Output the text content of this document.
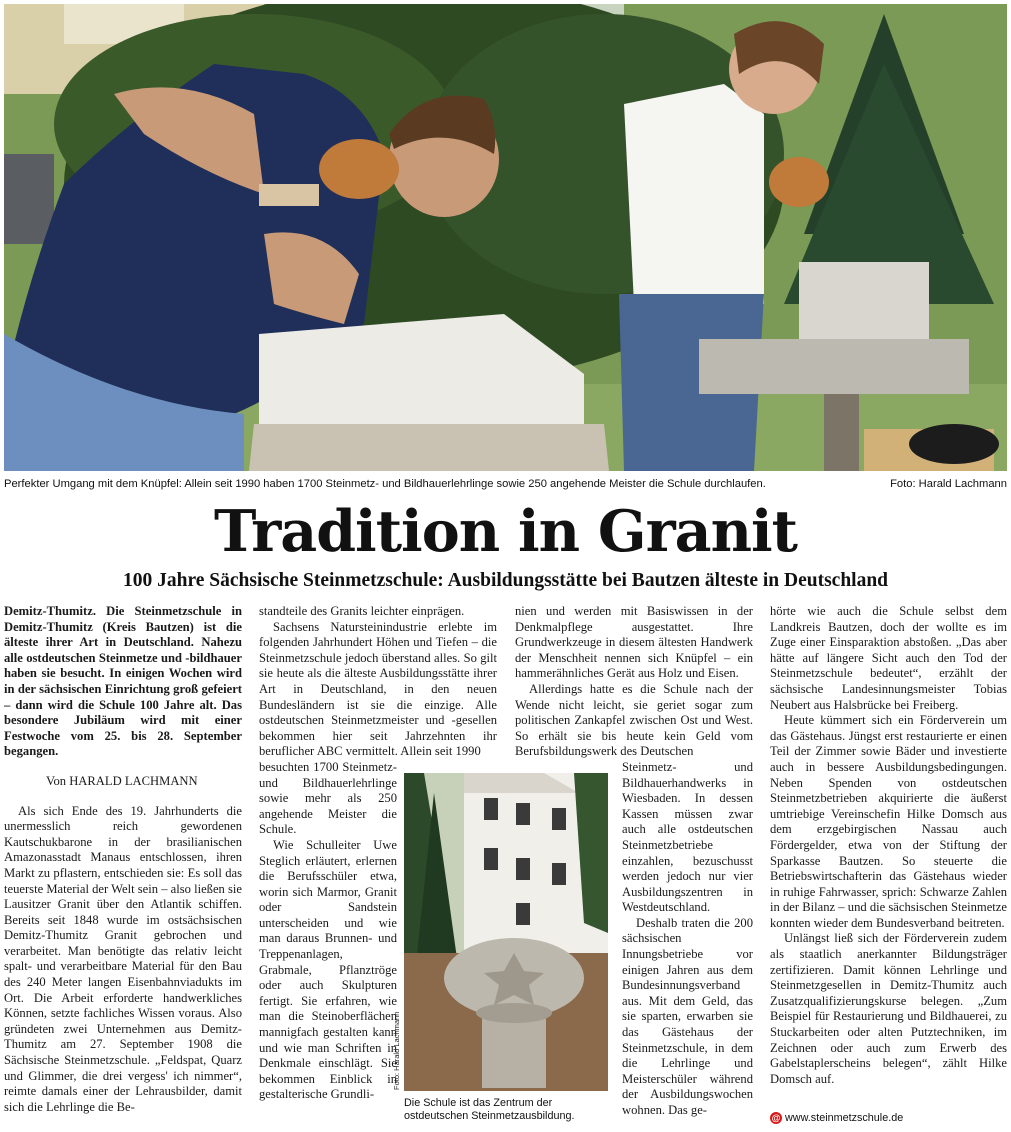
Perfekter Umgang mit dem Knüpfel: Allein seit 1990 haben 1700 Steinmetz- und Bildhauerlehrlinge sowie 250 angehende Meister die Schule durchlaufen.	Foto: Harald Lachmann
Tradition in Granit
100 Jahre Sächsische Steinmetzschule: Ausbildungsstätte bei Bautzen älteste in Deutschland

Demitz-Thumitz. Die Steinmetzschule in Demitz-Thumitz (Kreis Bautzen) ist die älteste ihrer Art in Deutschland. Nahezu alle ostdeutschen Steinmetze und -bildhauer haben sie besucht. In einigen Wochen wird in der sächsischen Einrichtung groß gefeiert – dann wird die Schule 100 Jahre alt. Das besondere Jubiläum wird mit einer Festwoche vom 25. bis 28. September begangen.

Von HARALD LACHMANN

Als sich Ende des 19. Jahrhunderts die unermesslich reich gewordenen Kautschukbarone in der brasilianischen Amazonasstadt Manaus entschlossen, ihren Markt zu pflastern, entschieden sie: Es soll das teuerste Material der Welt sein – also ließen sie Lausitzer Granit über den Atlantik schiffen. Bereits seit 1848 wurde im ostsächsischen Demitz-Thumitz Granit gebrochen und verarbeitet. Man benötigte das relativ leicht spalt- und verarbeitbare Material für den Bau des 240 Meter langen Eisenbahnviadukts im Ort. Die Arbeit erforderte handwerkliches Können, setzte fachliches Wissen voraus. Also gründeten zwei Unternehmen aus Demitz-Thumitz am 27. September 1908 die Sächsische Steinmetzschule. „Feldspat, Quarz und Glimmer, die drei vergess' ich nimmer“, reimte damals einer der Lehrausbilder, damit sich die Lehrlinge die Be-

standteile des Granits leichter einprägen.

Sachsens Natursteinindustrie erlebte im folgenden Jahrhundert Höhen und Tiefen – die Steinmetzschule jedoch überstand alles. So gilt sie heute als die älteste Ausbildungsstätte ihrer Art in Deutschland, in den neuen Bundesländern ist sie die einzige. Alle ostdeutschen Steinmetzmeister und -gesellen bekommen hier seit Jahrzehnten ihr beruflicher ABC vermittelt. Allein seit 1990

besuchten 1700 Steinmetz- und Bildhauerlehrlinge sowie mehr als 250 angehende Meister die Schule.

Wie Schulleiter Uwe Steglich erläutert, erlernen die Berufsschüler etwa, worin sich Marmor, Granit oder Sandstein unterscheiden und wie man daraus Brunnen- und Treppenanlagen, Grabmale, Pflanztröge oder auch Skulpturen fertigt. Sie erfahren, wie man die Steinoberflächen mannigfach gestalten kann und wie man Schriften in Denkmale einschlägt. Sie bekommen Einblick in gestalterische Grundli-

nien und werden mit Basiswissen in der Denkmalpflege ausgestattet. Ihre Grundwerkzeuge in diesem ältesten Handwerk der Menschheit nennen sich Knüpfel – ein hammerähnliches Gerät aus Holz und Eisen.

Allerdings hatte es die Schule nach der Wende nicht leicht, sie geriet sogar zum politischen Zankapfel zwischen Ost und West. So erhält sie bis heute kein Geld vom Berufsbildungswerk des Deutschen

Steinmetz- und Bildhauerhandwerks in Wiesbaden. In dessen Kassen müssen zwar auch alle ostdeutschen Steinmetzbetriebe einzahlen, bezuschusst werden jedoch nur vier Ausbildungszentren in Westdeutschland.

Deshalb traten die 200 sächsischen Innungsbetriebe vor einigen Jahren aus dem Bundesinnungsverband aus. Mit dem Geld, das sie sparten, erwarben sie das Gästehaus der Steinmetzschule, in dem die Lehrlinge und Meisterschüler während der Ausbildungswochen wohnen. Das ge-

hörte wie auch die Schule selbst dem Landkreis Bautzen, doch der wollte es im Zuge einer Einsparaktion abstoßen. „Das aber hätte auf längere Sicht auch den Tod der Steinmetzschule bedeutet“, erzählt der sächsische Landesinnungsmeister Tobias Neubert aus Halsbrücke bei Freiberg.

Heute kümmert sich ein Förderverein um das Gästehaus. Jüngst erst restaurierte er einen Teil der Zimmer sowie Bäder und investierte auch in bessere Ausbildungsbedingungen. Neben Spenden von ostdeutschen Steinmetzbetrieben akquirierte die äußerst umtriebige Vereinschefin Hilke Domsch aus dem erzgebirgischen Nassau auch Fördergelder, etwa von der Stiftung der Sparkasse Bautzen. So steuerte die Betriebswirtschafterin das Gästehaus wieder in ruhige Fahrwasser, sprich: Schwarze Zahlen in der Bilanz – und die sächsischen Steinmetze konnten wieder dem Bundesverband beitreten.

Unlängst ließ sich der Förderverein zudem als staatlich anerkannter Bildungsträger zertifizieren. Damit können Lehrlinge und Steinmetzgesellen in Demitz-Thumitz auch Zusatzqualifizierungskurse belegen. „Zum Beispiel für Restaurierung und Bildhauerei, zu Stuckarbeiten oder alten Putztechniken, im Zeichnen oder auch zum Erwerb des Gabelstaplerscheins belegen“, zählt Hilke Domsch auf.

Foto: Harald Lachmann
Die Schule ist das Zentrum der ostdeutschen Steinmetzausbildung.	@ www.steinmetzschule.de
